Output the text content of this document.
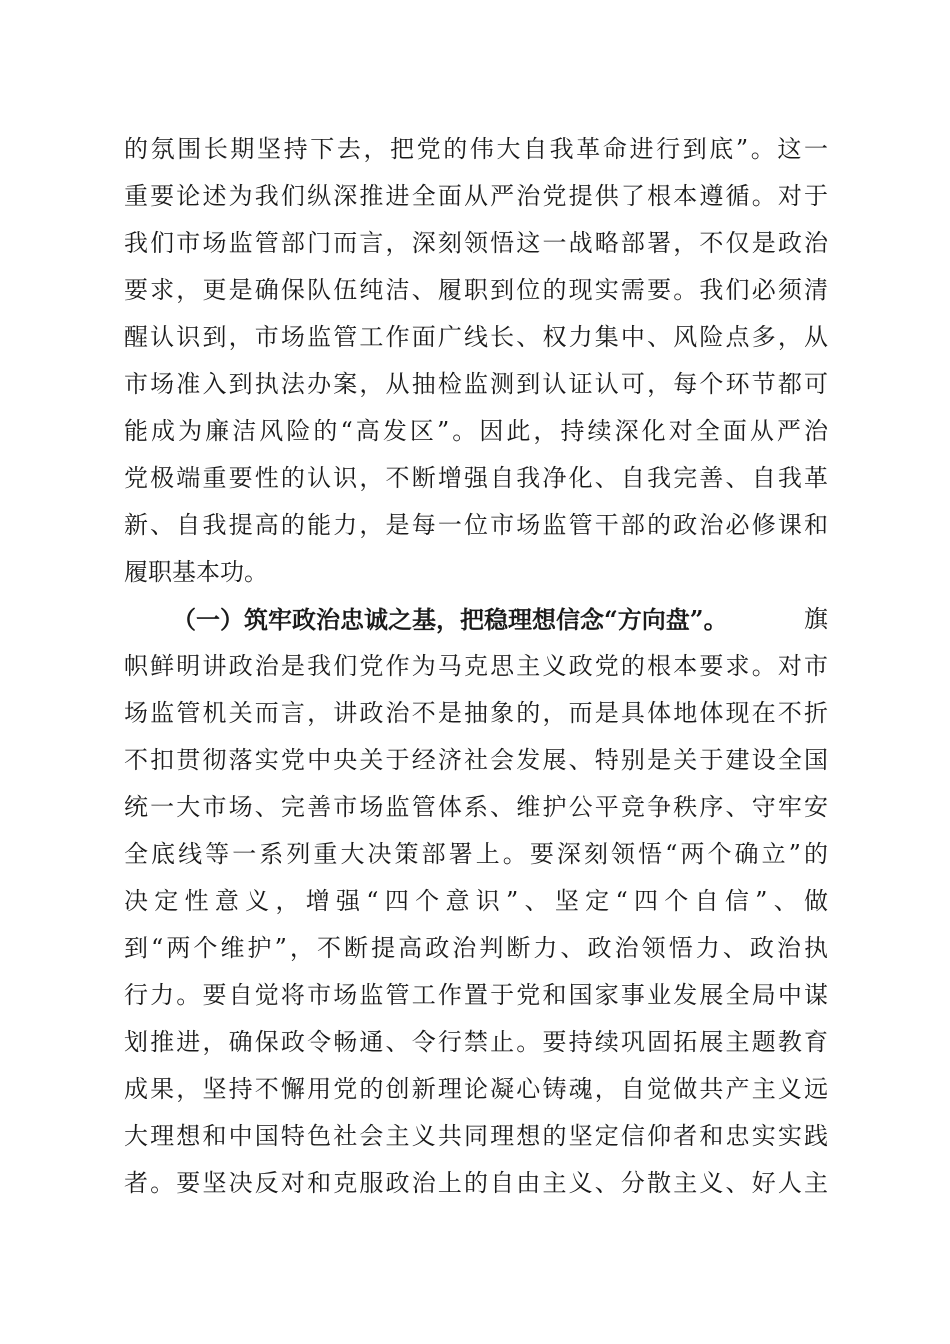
的氛围长期坚持下去，把党的伟大自我革命进行到底”。这一
重要论述为我们纵深推进全面从严治党提供了根本遵循。对于
我们市场监管部门而言，深刻领悟这一战略部署，不仅是政治
要求，更是确保队伍纯洁、履职到位的现实需要。我们必须清
醒认识到，市场监管工作面广线长、权力集中、风险点多，从
市场准入到执法办案，从抽检监测到认证认可，每个环节都可
能成为廉洁风险的“高发区”。因此，持续深化对全面从严治
党极端重要性的认识，不断增强自我净化、自我完善、自我革
新、自我提高的能力，是每一位市场监管干部的政治必修课和
履职基本功。
（一）筑牢政治忠诚之基，把稳理想信念“方向盘”。	旗
帜鲜明讲政治是我们党作为马克思主义政党的根本要求。对市
场监管机关而言，讲政治不是抽象的，而是具体地体现在不折
不扣贯彻落实党中央关于经济社会发展、特别是关于建设全国
统一大市场、完善市场监管体系、维护公平竞争秩序、守牢安
全底线等一系列重大决策部署上。要深刻领悟“两个确立”的
决定性意义，增强“四个意识”、坚定“四个自信”、做
到“两个维护”，不断提高政治判断力、政治领悟力、政治执
行力。要自觉将市场监管工作置于党和国家事业发展全局中谋
划推进，确保政令畅通、令行禁止。要持续巩固拓展主题教育
成果，坚持不懈用党的创新理论凝心铸魂，自觉做共产主义远
大理想和中国特色社会主义共同理想的坚定信仰者和忠实实践
者。要坚决反对和克服政治上的自由主义、分散主义、好人主
